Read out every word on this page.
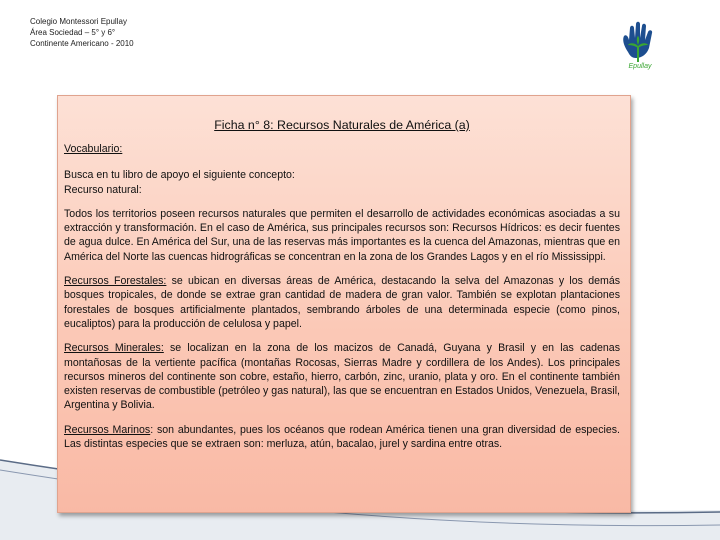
Colegio Montessori Epullay
Área Sociedad – 5° y 6°
Continente Americano - 2010
Epullay
Ficha n° 8: Recursos Naturales de América (a)
Vocabulario:
Busca en tu libro de apoyo el siguiente concepto:
Recurso natural:
Todos los territorios poseen recursos naturales que permiten el desarrollo de actividades económicas asociadas a su extracción y transformación. En el caso de América, sus principales recursos son: Recursos Hídricos: es decir fuentes de agua dulce. En América del Sur, una de las reservas más importantes es la cuenca del Amazonas, mientras que en América del Norte las cuencas hidrográficas se concentran en la zona de los Grandes Lagos y en el río Mississippi.
Recursos Forestales: se ubican en diversas áreas de América, destacando la selva del Amazonas y los demás bosques tropicales, de donde se extrae gran cantidad de madera de gran valor. También se explotan plantaciones forestales de bosques artificialmente plantados, sembrando árboles de una determinada especie (como pinos, eucaliptos) para la producción de celulosa y papel.
Recursos Minerales: se localizan en la zona de los macizos de Canadá, Guyana y Brasil y en las cadenas montañosas de la vertiente pacífica (montañas Rocosas, Sierras Madre y cordillera de los Andes). Los principales recursos mineros del continente son cobre, estaño, hierro, carbón, zinc, uranio, plata y oro. En el continente también existen reservas de combustible (petróleo y gas natural), las que se encuentran en Estados Unidos, Venezuela, Brasil, Argentina y Bolivia.
Recursos Marinos: son abundantes, pues los océanos que rodean América tienen una gran diversidad de especies. Las distintas especies que se extraen son: merluza, atún, bacalao, jurel y sardina entre otras.
